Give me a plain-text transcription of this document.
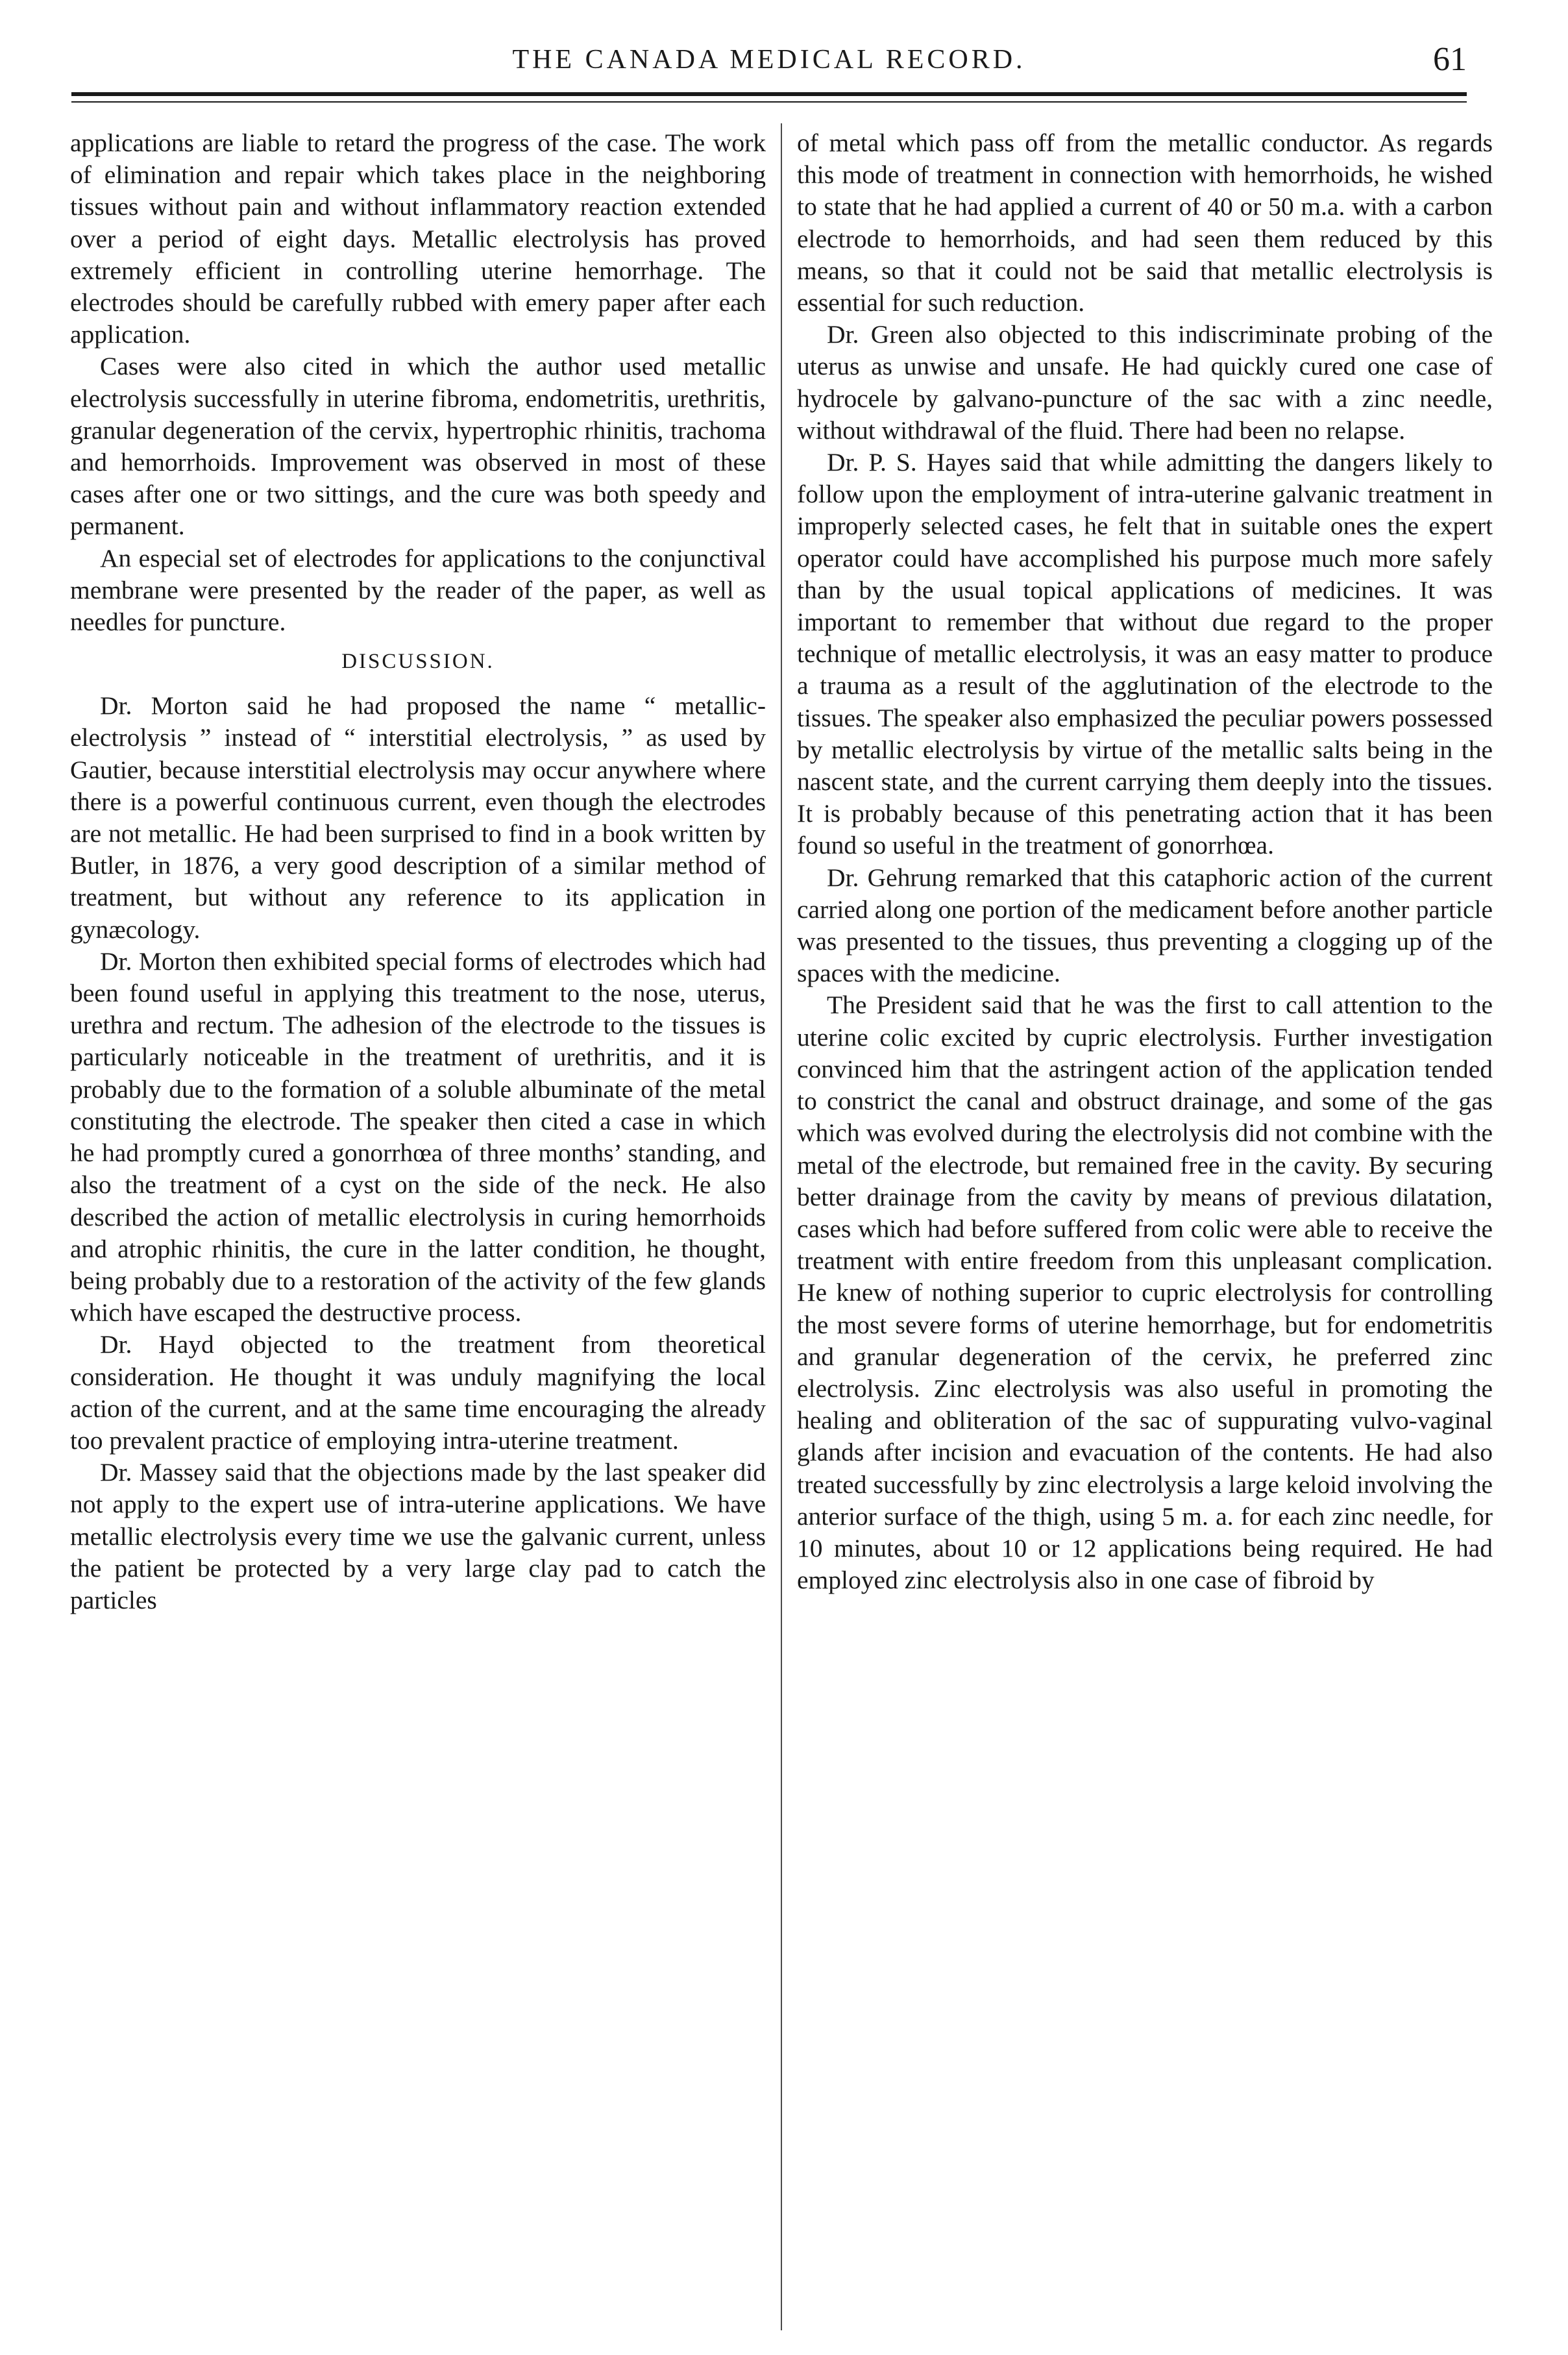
THE CANADA MEDICAL RECORD.	61

applications are liable to retard the progress of the case. The work of elimination and repair which takes place in the neighboring tissues without pain and without inflammatory reaction extended over a period of eight days. Metallic electrolysis has proved extremely efficient in controlling uterine hemorrhage. The electrodes should be carefully rubbed with emery paper after each application.

Cases were also cited in which the author used metallic electrolysis successfully in uterine fibroma, endometritis, urethritis, granular degeneration of the cervix, hypertrophic rhinitis, trachoma and hemorrhoids. Improvement was observed in most of these cases after one or two sittings, and the cure was both speedy and permanent.

An especial set of electrodes for applications to the conjunctival membrane were presented by the reader of the paper, as well as needles for puncture.

DISCUSSION.

Dr. Morton said he had proposed the name “ metallic-electrolysis ” instead of “ interstitial electrolysis, ” as used by Gautier, because interstitial electrolysis may occur anywhere where there is a powerful continuous current, even though the electrodes are not metallic. He had been surprised to find in a book written by Butler, in 1876, a very good description of a similar method of treatment, but without any reference to its application in gynæcology.

Dr. Morton then exhibited special forms of electrodes which had been found useful in applying this treatment to the nose, uterus, urethra and rectum. The adhesion of the electrode to the tissues is particularly noticeable in the treatment of urethritis, and it is probably due to the formation of a soluble albuminate of the metal constituting the electrode. The speaker then cited a case in which he had promptly cured a gonorrhœa of three months’ standing, and also the treatment of a cyst on the side of the neck. He also described the action of metallic electrolysis in curing hemorrhoids and atrophic rhinitis, the cure in the latter condition, he thought, being probably due to a restoration of the activity of the few glands which have escaped the destructive process.

Dr. Hayd objected to the treatment from theoretical consideration. He thought it was unduly magnifying the local action of the current, and at the same time encouraging the already too prevalent practice of employing intra-uterine treatment.

Dr. Massey said that the objections made by the last speaker did not apply to the expert use of intra-uterine applications. We have metallic electrolysis every time we use the galvanic current, unless the patient be protected by a very large clay pad to catch the particles

of metal which pass off from the metallic conductor. As regards this mode of treatment in connection with hemorrhoids, he wished to state that he had applied a current of 40 or 50 m.a. with a carbon electrode to hemorrhoids, and had seen them reduced by this means, so that it could not be said that metallic electrolysis is essential for such reduction.

Dr. Green also objected to this indiscriminate probing of the uterus as unwise and unsafe. He had quickly cured one case of hydrocele by galvano-puncture of the sac with a zinc needle, without withdrawal of the fluid. There had been no relapse.

Dr. P. S. Hayes said that while admitting the dangers likely to follow upon the employment of intra-uterine galvanic treatment in improperly selected cases, he felt that in suitable ones the expert operator could have accomplished his purpose much more safely than by the usual topical applications of medicines. It was important to remember that without due regard to the proper technique of metallic electrolysis, it was an easy matter to produce a trauma as a result of the agglutination of the electrode to the tissues. The speaker also emphasized the peculiar powers possessed by metallic electrolysis by virtue of the metallic salts being in the nascent state, and the current carrying them deeply into the tissues. It is probably because of this penetrating action that it has been found so useful in the treatment of gonorrhœa.

Dr. Gehrung remarked that this cataphoric action of the current carried along one portion of the medicament before another particle was presented to the tissues, thus preventing a clogging up of the spaces with the medicine.

The President said that he was the first to call attention to the uterine colic excited by cupric electrolysis. Further investigation convinced him that the astringent action of the application tended to constrict the canal and obstruct drainage, and some of the gas which was evolved during the electrolysis did not combine with the metal of the electrode, but remained free in the cavity. By securing better drainage from the cavity by means of previous dilatation, cases which had before suffered from colic were able to receive the treatment with entire freedom from this unpleasant complication. He knew of nothing superior to cupric electrolysis for controlling the most severe forms of uterine hemorrhage, but for endometritis and granular degeneration of the cervix, he preferred zinc electrolysis. Zinc electrolysis was also useful in promoting the healing and obliteration of the sac of suppurating vulvo-vaginal glands after incision and evacuation of the contents. He had also treated successfully by zinc electrolysis a large keloid involving the anterior surface of the thigh, using 5 m. a. for each zinc needle, for 10 minutes, about 10 or 12 applications being required. He had employed zinc electrolysis also in one case of fibroid by
